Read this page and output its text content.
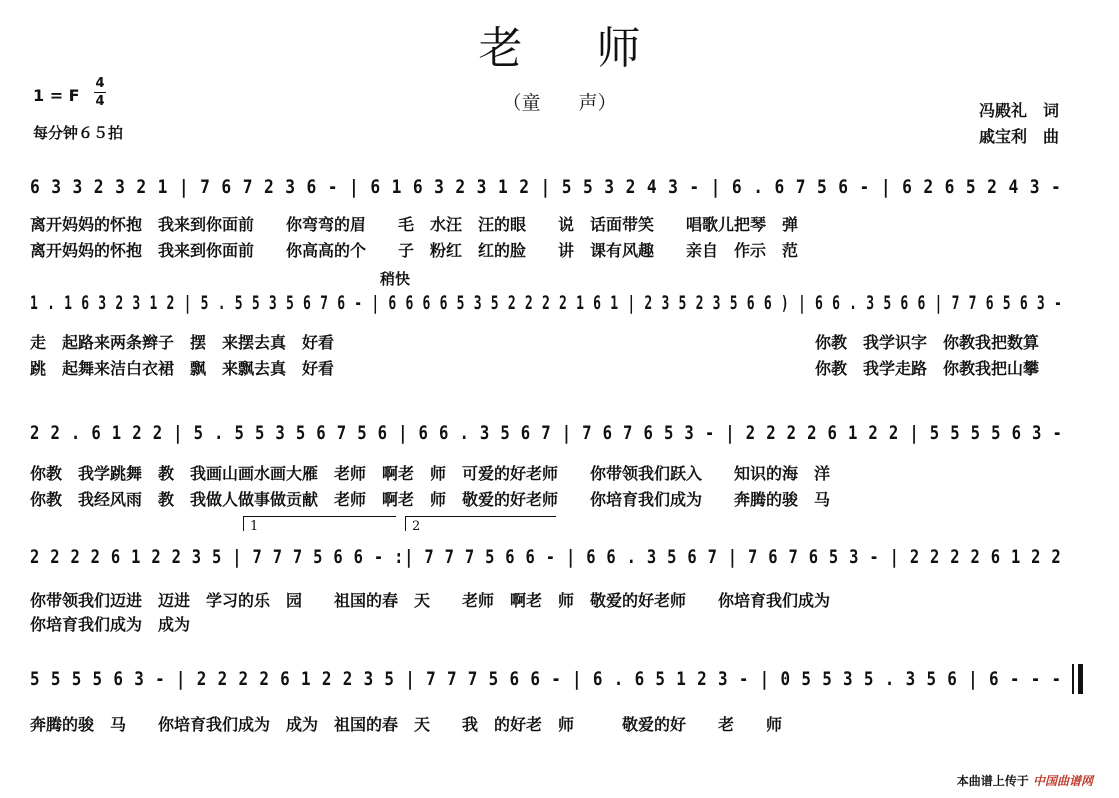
老 师
（童　　声）
1 = F
4
4
每分钟６５拍
冯殿礼　词
戚宝利　曲
6 3 3 2 3 2 1 | 7 6 7 2 3 6 - | 6 1 6 3 2 3 1 2 | 5 5 3 2 4 3 - | 6 . 6 7 5 6 - | 6 2 6 5 2 4 3 -
离开妈妈的怀抱　我来到你面前　　你弯弯的眉　　毛　水汪　汪的眼　　说　话面带笑　　唱歌儿把琴　弹
离开妈妈的怀抱　我来到你面前　　你高高的个　　子　粉红　红的脸　　讲　课有风趣　　亲自　作示　范
稍快
1 . 1 6 3 2 3 1 2 | 5 . 5 5 3 5 6 7 6 - | 6 6 6 6 5 3 5 2 2 2 2 1 6 1 | 2 3 5 2 3 5 6 6 ) | 6 6 . 3 5 6 6 | 7 7 6 5 6 3 -
走　起路来两条辫子　摆　来摆去真　好看
跳　起舞来洁白衣裙　飘　来飘去真　好看
你教　我学识字　你教我把数算
你教　我学走路　你教我把山攀
2 2 . 6 1 2 2 | 5 . 5 5 3 5 6 7 5 6 | 6 6 . 3 5 6 7 | 7 6 7 6 5 3 - | 2 2 2 2 6 1 2 2 | 5 5 5 5 6 3 -
你教　我学跳舞　教　我画山画水画大雁　老师　啊老　师　可爱的好老师　　你带领我们跃入　　知识的海　洋
你教　我经风雨　教　我做人做事做贡献　老师　啊老　师　敬爱的好老师　　你培育我们成为　　奔腾的骏　马
1	2
2 2 2 2 6 1 2 2 3 5 | 7 7 7 5 6 6 - :| 7 7 7 5 6 6 - | 6 6 . 3 5 6 7 | 7 6 7 6 5 3 - | 2 2 2 2 6 1 2 2
你带领我们迈进　迈进　学习的乐　园　　祖国的春　天　　老师　啊老　师　敬爱的好老师　　你培育我们成为
你培育我们成为　成为
5 5 5 5 6 3 - | 2 2 2 2 6 1 2 2 3 5 | 7 7 7 5 6 6 - | 6 . 6 5 1 2 3 - | 0 5 5 3 5 . 3 5 6 | 6 - - -
奔腾的骏　马　　你培育我们成为　成为　祖国的春　天　　我　的好老　师　　　敬爱的好　　老　　师
本曲谱上传于 中国曲谱网
